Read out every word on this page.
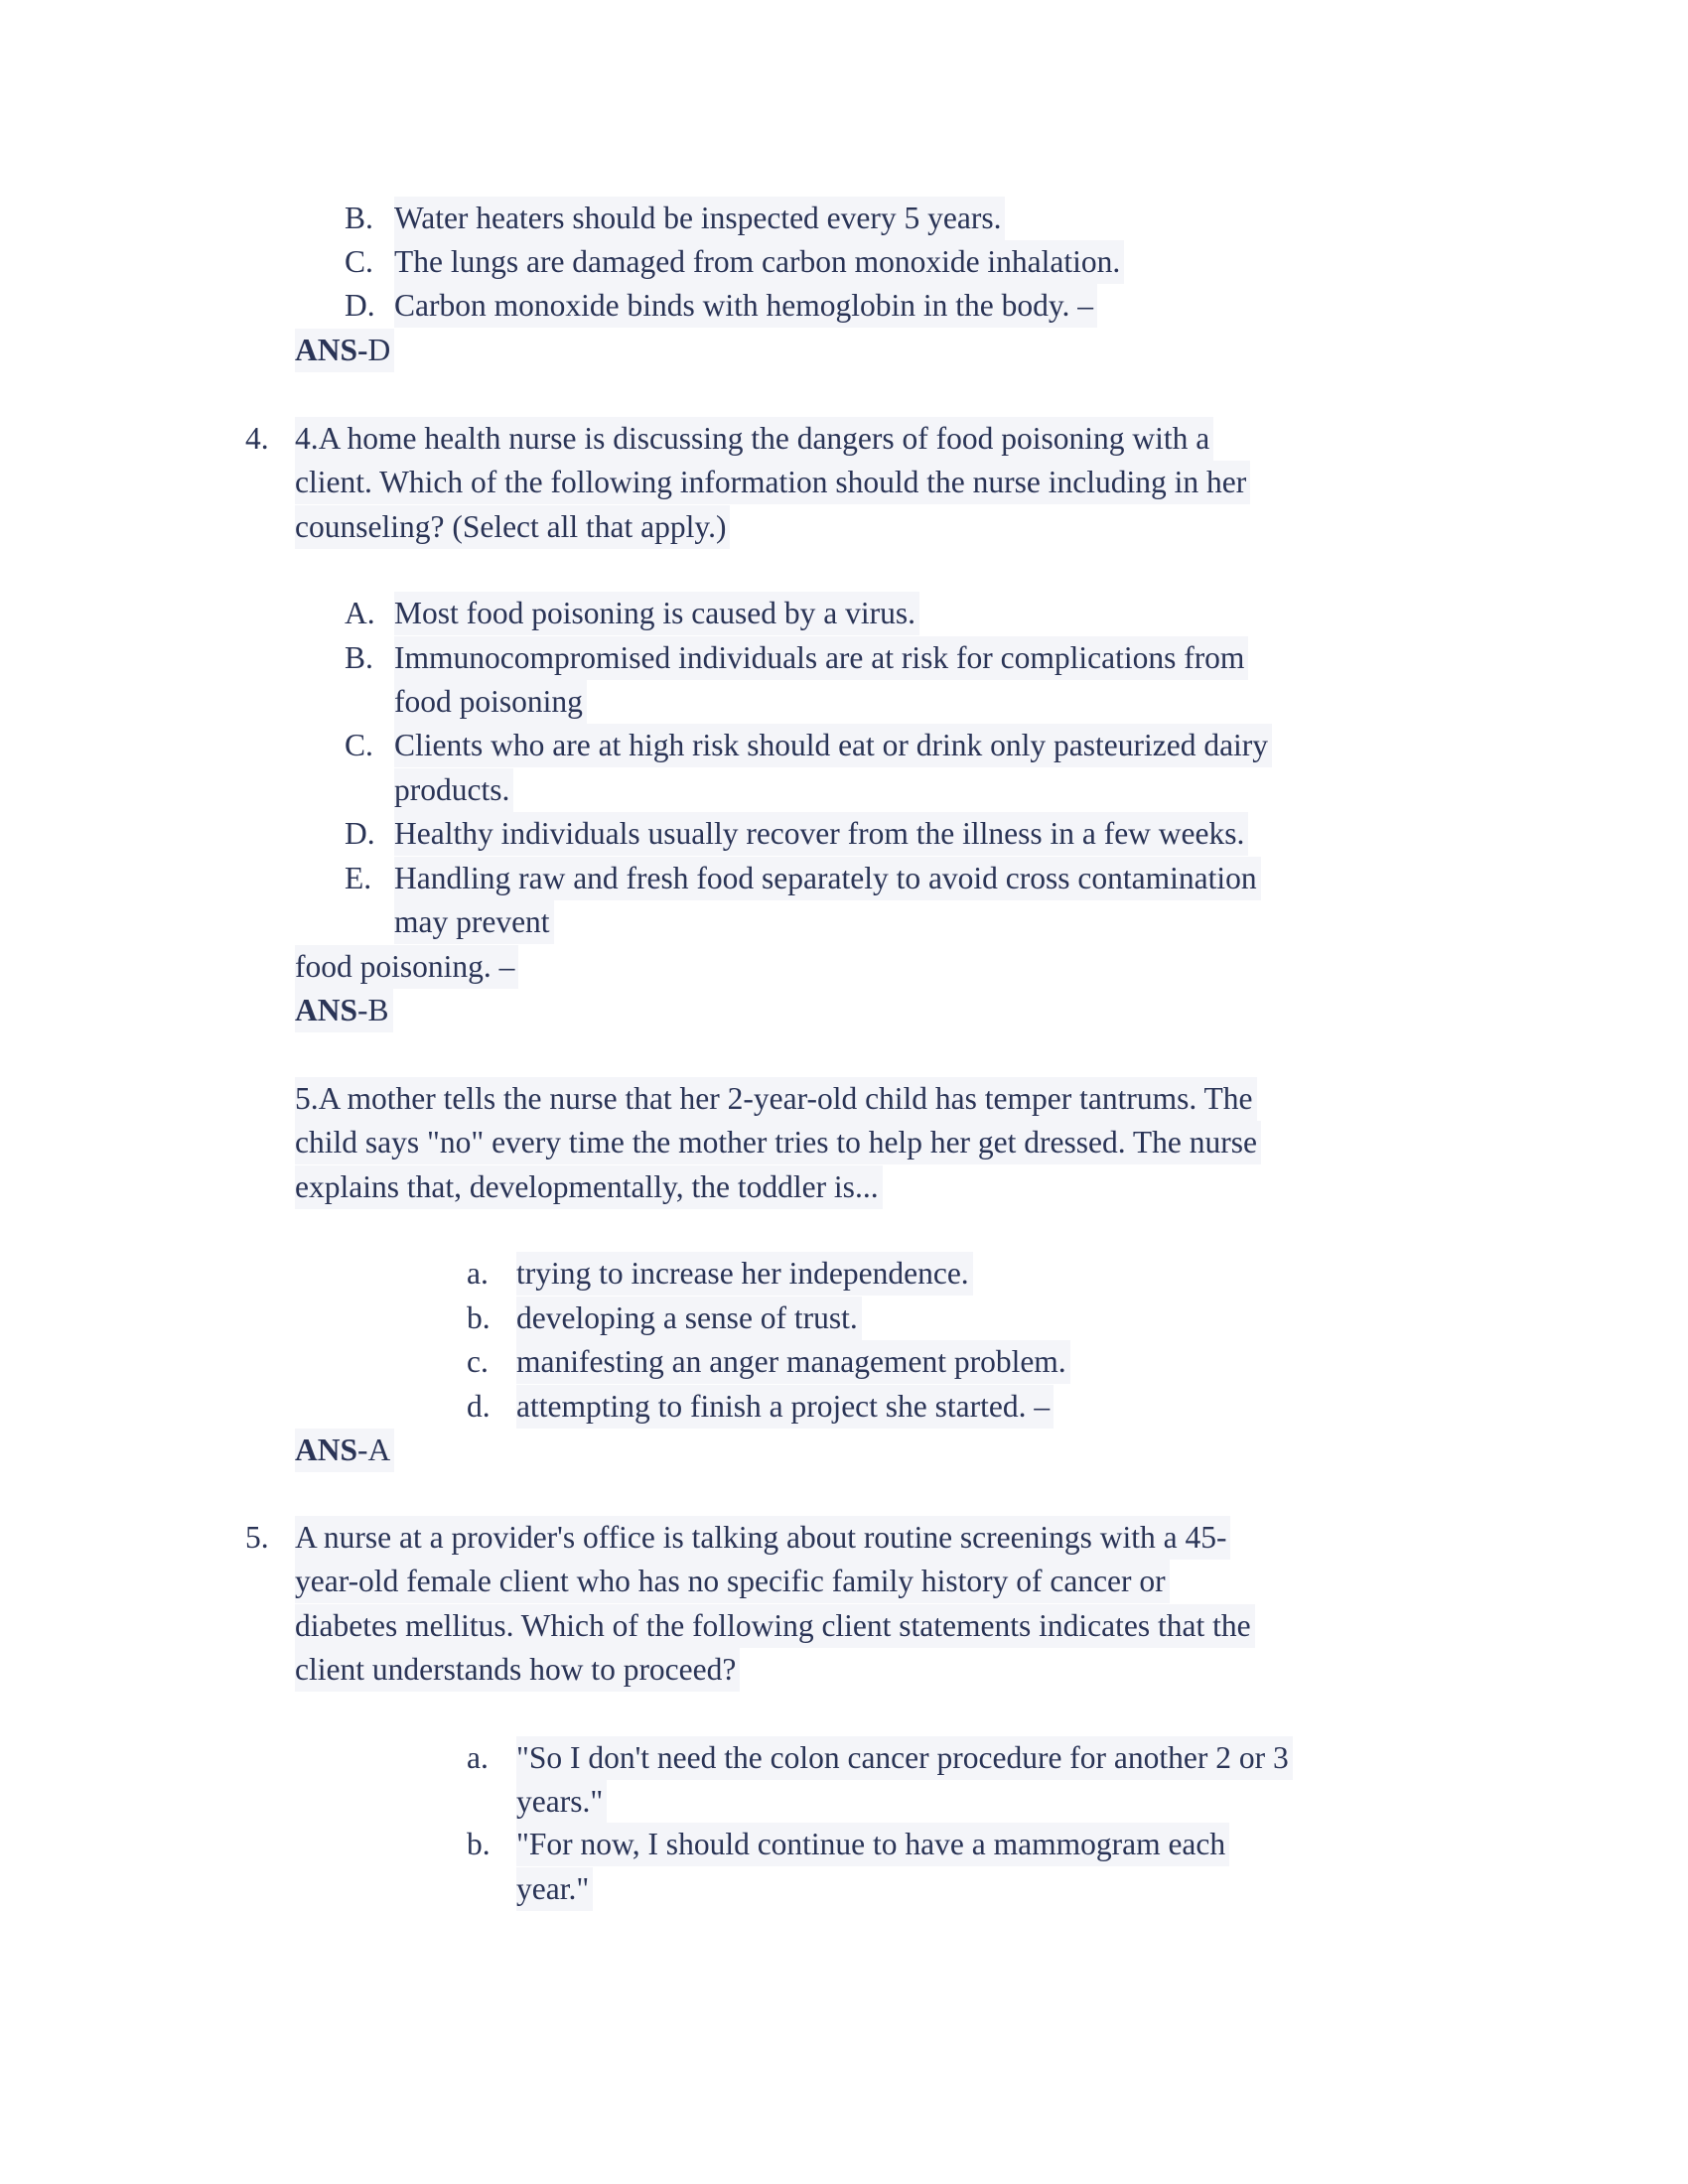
B. Water heaters should be inspected every 5 years.
C. The lungs are damaged from carbon monoxide inhalation.
D. Carbon monoxide binds with hemoglobin in the body. –
ANS-D
4. 4.A home health nurse is discussing the dangers of food poisoning with a
client. Which of the following information should the nurse including in her
counseling? (Select all that apply.)
A. Most food poisoning is caused by a virus.
B. Immunocompromised individuals are at risk for complications from
food poisoning
C. Clients who are at high risk should eat or drink only pasteurized dairy
products.
D. Healthy individuals usually recover from the illness in a few weeks.
E. Handling raw and fresh food separately to avoid cross contamination
may prevent
food poisoning. –
ANS-B
5.A mother tells the nurse that her 2-year-old child has temper tantrums. The
child says "no" every time the mother tries to help her get dressed. The nurse
explains that, developmentally, the toddler is...
a. trying to increase her independence.
b. developing a sense of trust.
c. manifesting an anger management problem.
d. attempting to finish a project she started. –
ANS-A
5. A nurse at a provider's office is talking about routine screenings with a 45-
year-old female client who has no specific family history of cancer or
diabetes mellitus. Which of the following client statements indicates that the
client understands how to proceed?
a. "So I don't need the colon cancer procedure for another 2 or 3
years."
b. "For now, I should continue to have a mammogram each
year."
